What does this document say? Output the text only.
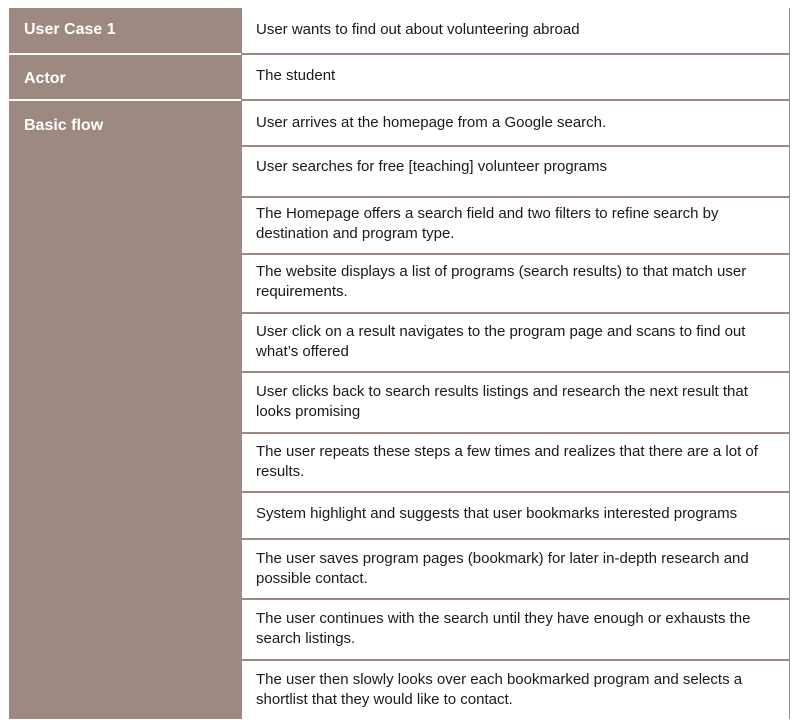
User Case 1
Actor
Basic flow
User wants to find out about volunteering abroad
The student
User arrives at the homepage from a Google search.
User searches for free [teaching] volunteer programs
The Homepage offers a search field and two filters to refine search by destination and program type.
The website displays a list of programs (search results) to that match user requirements.
User click on a result navigates to the program page and scans to find out what’s offered
User clicks back to search results listings and research the next result that looks promising
The user repeats these steps a few times and realizes that there are a lot of results.
System highlight and suggests that user bookmarks interested programs
The user saves program pages (bookmark) for later in-depth research and possible contact.
The user continues with the search until they have enough or exhausts the search listings.
The user then slowly looks over each bookmarked program and selects a shortlist that they would like to contact.
